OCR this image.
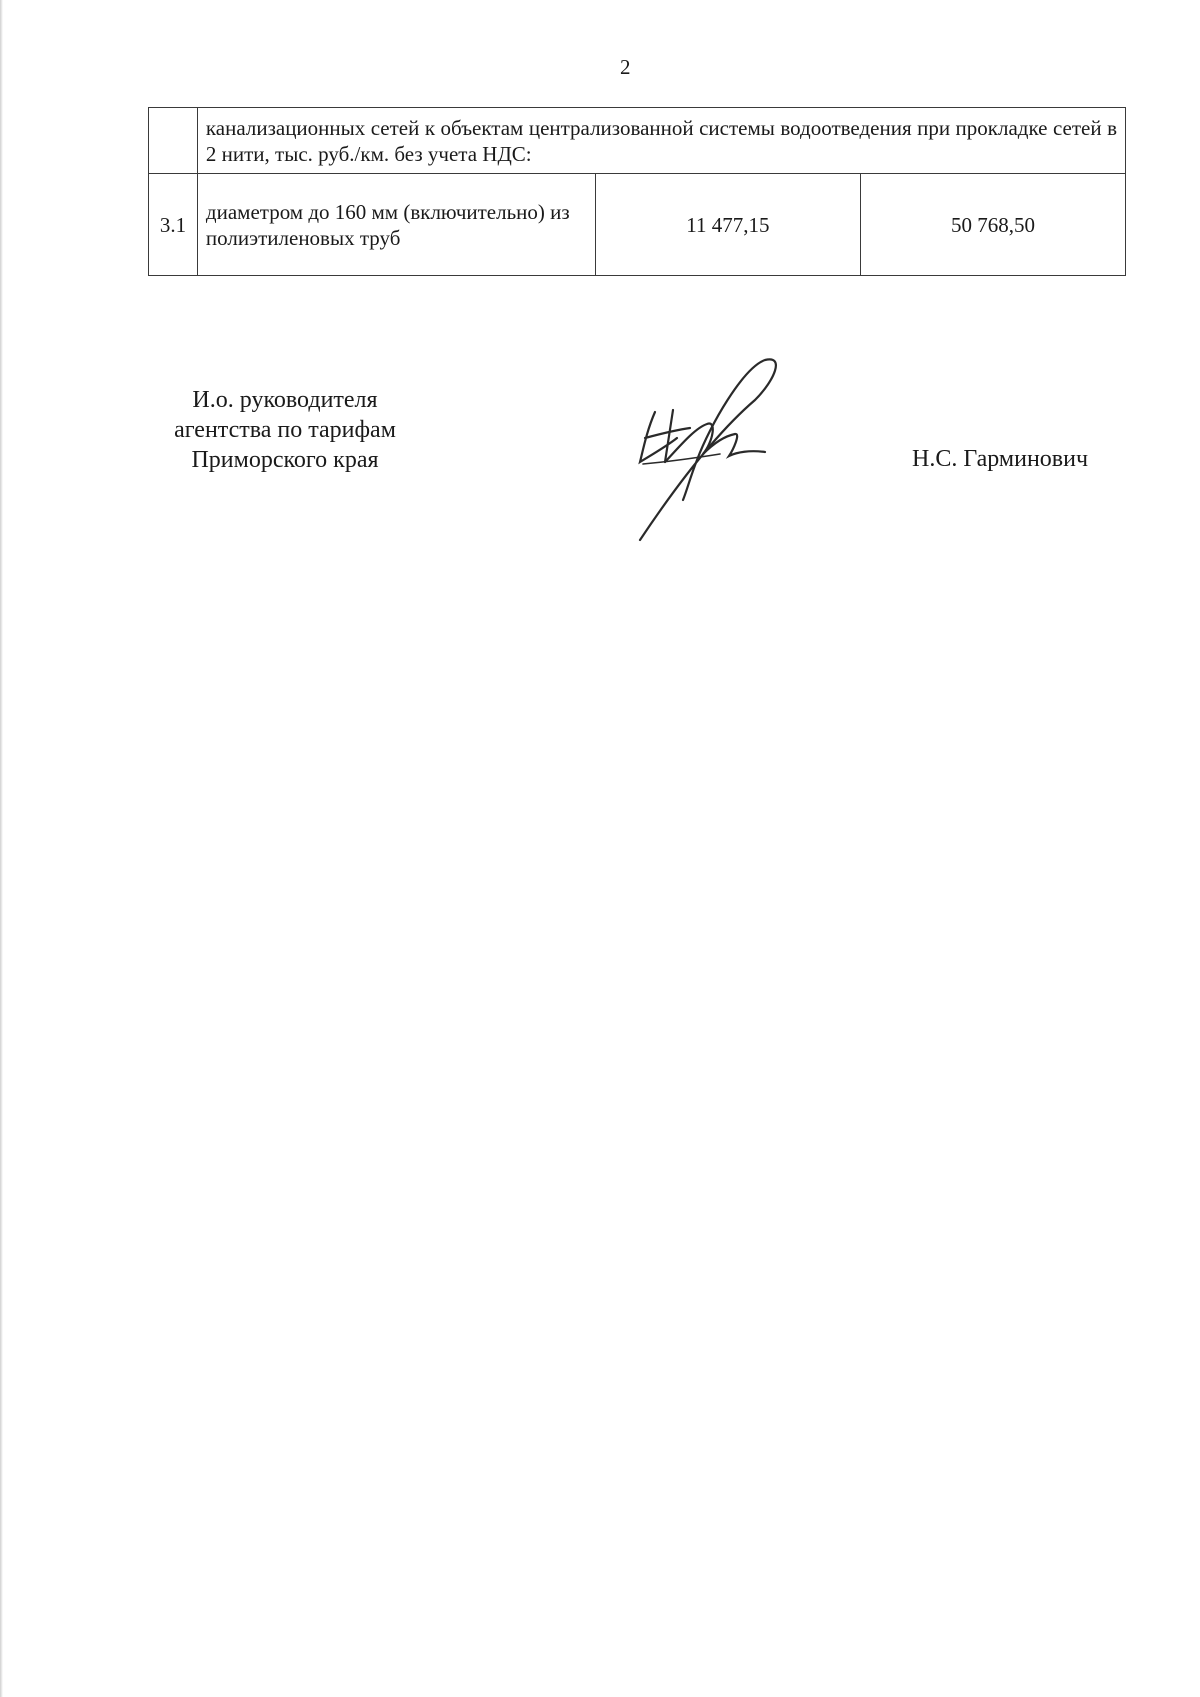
2
	канализационных сетей к объектам централизованной системы водоотведения при прокладке сетей в 2 нити, тыс. руб./км. без учета НДС:		
3.1	диаметром до 160 мм (включительно) из полиэтиленовых труб	11 477,15	50 768,50
И.о. руководителя
агентства по тарифам
Приморского края	Н.С. Гарминович
